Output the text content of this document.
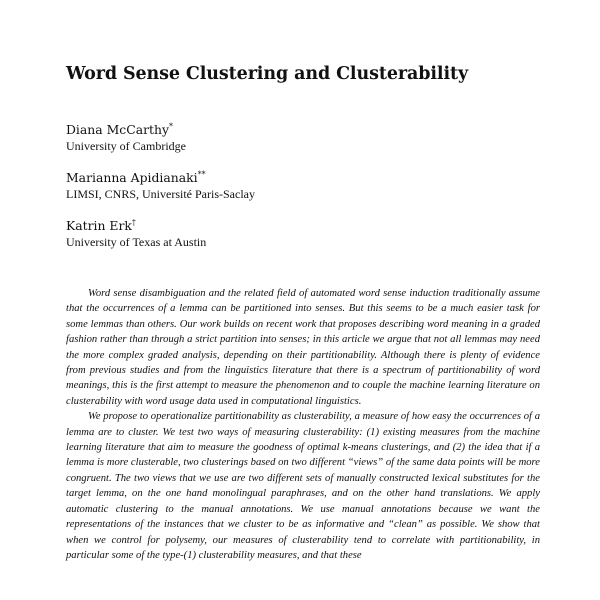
Word Sense Clustering and Clusterability
Diana McCarthy*
University of Cambridge
Marianna Apidianaki**
LIMSI, CNRS, Université Paris-Saclay
Katrin Erk†
University of Texas at Austin

Word sense disambiguation and the related field of automated word sense induction traditionally assume that the occurrences of a lemma can be partitioned into senses. But this seems to be a much easier task for some lemmas than others. Our work builds on recent work that proposes describing word meaning in a graded fashion rather than through a strict partition into senses; in this article we argue that not all lemmas may need the more complex graded analysis, depending on their partitionability. Although there is plenty of evidence from previous studies and from the linguistics literature that there is a spectrum of partitionability of word meanings, this is the first attempt to measure the phenomenon and to couple the machine learning literature on clusterability with word usage data used in computational linguistics.

We propose to operationalize partitionability as clusterability, a measure of how easy the occurrences of a lemma are to cluster. We test two ways of measuring clusterability: (1) existing measures from the machine learning literature that aim to measure the goodness of optimal k-means clusterings, and (2) the idea that if a lemma is more clusterable, two clusterings based on two different “views” of the same data points will be more congruent. The two views that we use are two different sets of manually constructed lexical substitutes for the target lemma, on the one hand monolingual paraphrases, and on the other hand translations. We apply automatic clustering to the manual annotations. We use manual annotations because we want the representations of the instances that we cluster to be as informative and “clean” as possible. We show that when we control for polysemy, our measures of clusterability tend to correlate with partitionability, in particular some of the type-(1) clusterability measures, and that these
